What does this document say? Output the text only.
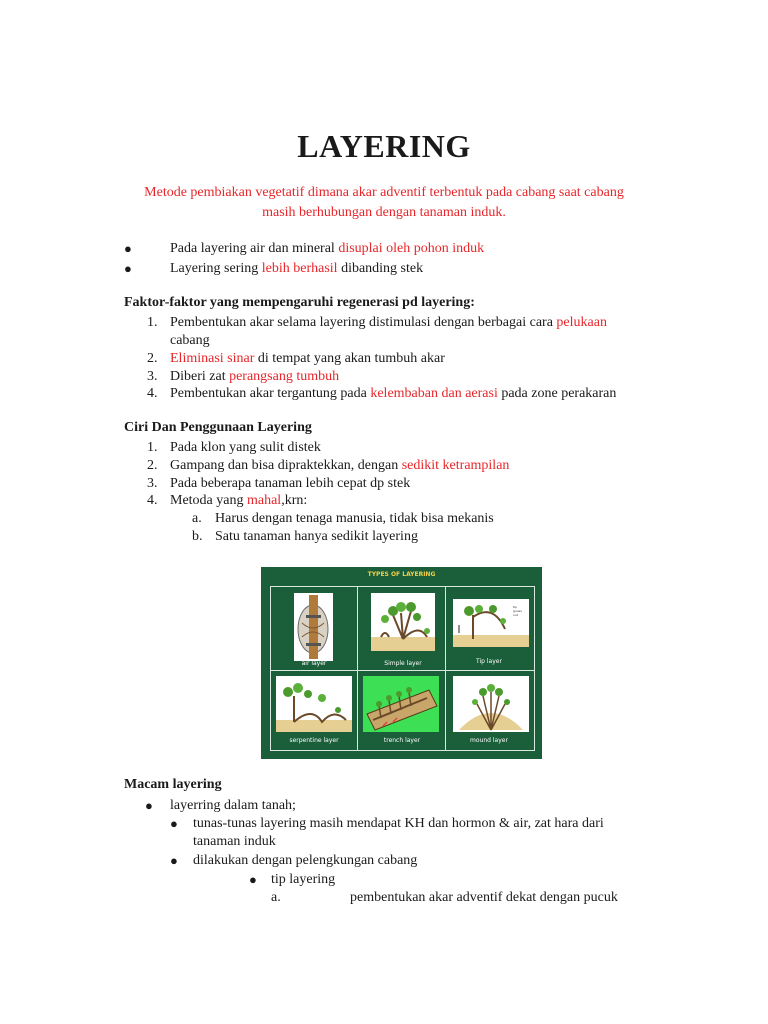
LAYERING
Metode pembiakan vegetatif dimana akar adventif terbentuk pada cabang saat cabang
masih berhubungan dengan tanaman induk.
●	Pada layering air dan mineral disuplai oleh pohon induk
●	Layering sering lebih berhasil dibanding stek
Faktor-faktor yang mempengaruhi regenerasi pd layering:
1. Pembentukan akar selama layering distimulasi dengan berbagai cara pelukaan
cabang
2. Eliminasi sinar di tempat yang akan tumbuh akar
3. Diberi zat perangsang tumbuh
4. Pembentukan akar tergantung pada kelembaban dan aerasi pada zone perakaran
Ciri Dan Penggunaan Layering
1. Pada klon yang sulit distek
2. Gampang dan bisa dipraktekkan, dengan sedikit ketrampilan
3. Pada beberapa tanaman lebih cepat dp stek
4. Metoda yang mahal,krn:
a. Harus dengan tenaga manusia, tidak bisa mekanis
b. Satu tanaman hanya sedikit layering
TYPES OF LAYERING
air layer	Simple layer
tip
grows
out
Tip layer
serpentine layer	trench layer	mound layer
Macam layering
● layerring dalam tanah;
● tunas-tunas layering masih mendapat KH dan hormon & air, zat hara dari
tanaman induk
● dilakukan dengan pelengkungan cabang
● tip layering
a.	pembentukan akar adventif dekat dengan pucuk
